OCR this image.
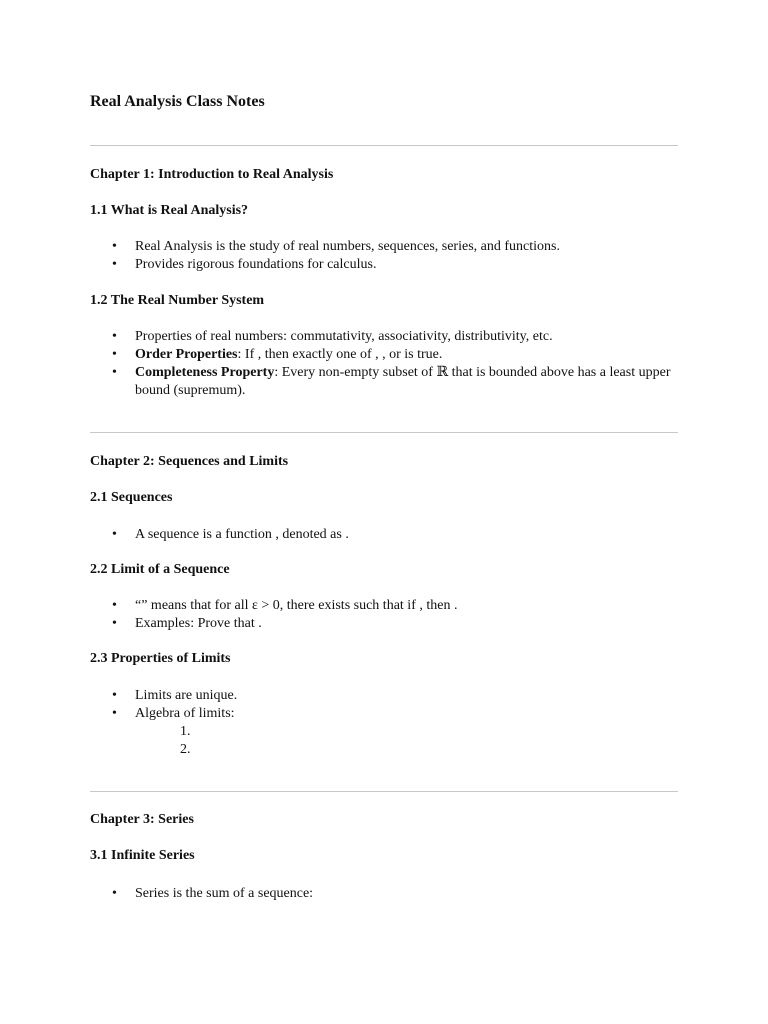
Real Analysis Class Notes
Chapter 1: Introduction to Real Analysis
1.1 What is Real Analysis?
• Real Analysis is the study of real numbers, sequences, series, and functions.
• Provides rigorous foundations for calculus.
1.2 The Real Number System
• Properties of real numbers: commutativity, associativity, distributivity, etc.
• Order Properties: If , then exactly one of , , or is true.
• Completeness Property: Every non-empty subset of ℝ that is bounded above has a least upper bound (supremum).
Chapter 2: Sequences and Limits
2.1 Sequences
• A sequence is a function , denoted as .
2.2 Limit of a Sequence
• “” means that for all ε > 0, there exists such that if , then .
• Examples: Prove that .
2.3 Properties of Limits
• Limits are unique.
• Algebra of limits:
1.
2.
Chapter 3: Series
3.1 Infinite Series
• Series is the sum of a sequence:
